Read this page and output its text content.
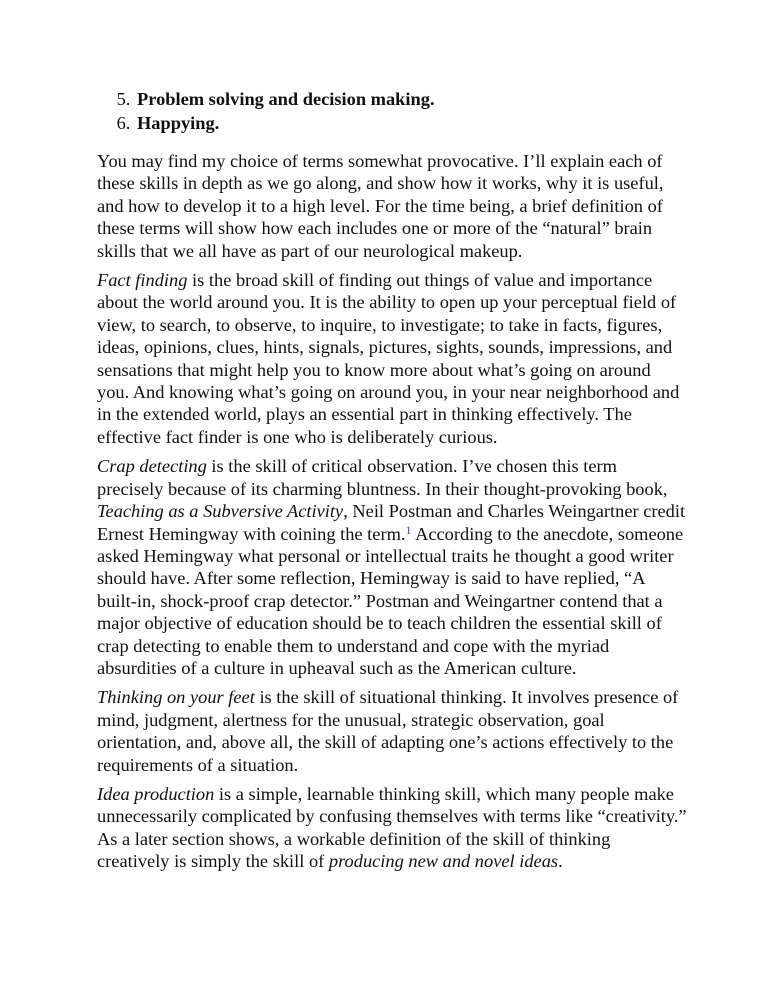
5. Problem solving and decision making.
6. Happying.

You may find my choice of terms somewhat provocative. I’ll explain each of these skills in depth as we go along, and show how it works, why it is useful, and how to develop it to a high level. For the time being, a brief definition of these terms will show how each includes one or more of the “natural” brain skills that we all have as part of our neurological makeup.

Fact finding is the broad skill of finding out things of value and importance about the world around you. It is the ability to open up your perceptual field of view, to search, to observe, to inquire, to investigate; to take in facts, figures, ideas, opinions, clues, hints, signals, pictures, sights, sounds, impressions, and sensations that might help you to know more about what’s going on around you. And knowing what’s going on around you, in your near neighborhood and in the extended world, plays an essential part in thinking effectively. The effective fact finder is one who is deliberately curious.

Crap detecting is the skill of critical observation. I’ve chosen this term precisely because of its charming bluntness. In their thought-provoking book, Teaching as a Subversive Activity, Neil Postman and Charles Weingartner credit Ernest Hemingway with coining the term.$^1$ According to the anecdote, someone asked Hemingway what personal or intellectual traits he thought a good writer should have. After some reflection, Hemingway is said to have replied, “A built-in, shock-proof crap detector.” Postman and Weingartner contend that a major objective of education should be to teach children the essential skill of crap detecting to enable them to understand and cope with the myriad absurdities of a culture in upheaval such as the American culture.

Thinking on your feet is the skill of situational thinking. It involves presence of mind, judgment, alertness for the unusual, strategic observation, goal orientation, and, above all, the skill of adapting one’s actions effectively to the requirements of a situation.

Idea production is a simple, learnable thinking skill, which many people make unnecessarily complicated by confusing themselves with terms like “creativity.” As a later section shows, a workable definition of the skill of thinking creatively is simply the skill of producing new and novel ideas.
